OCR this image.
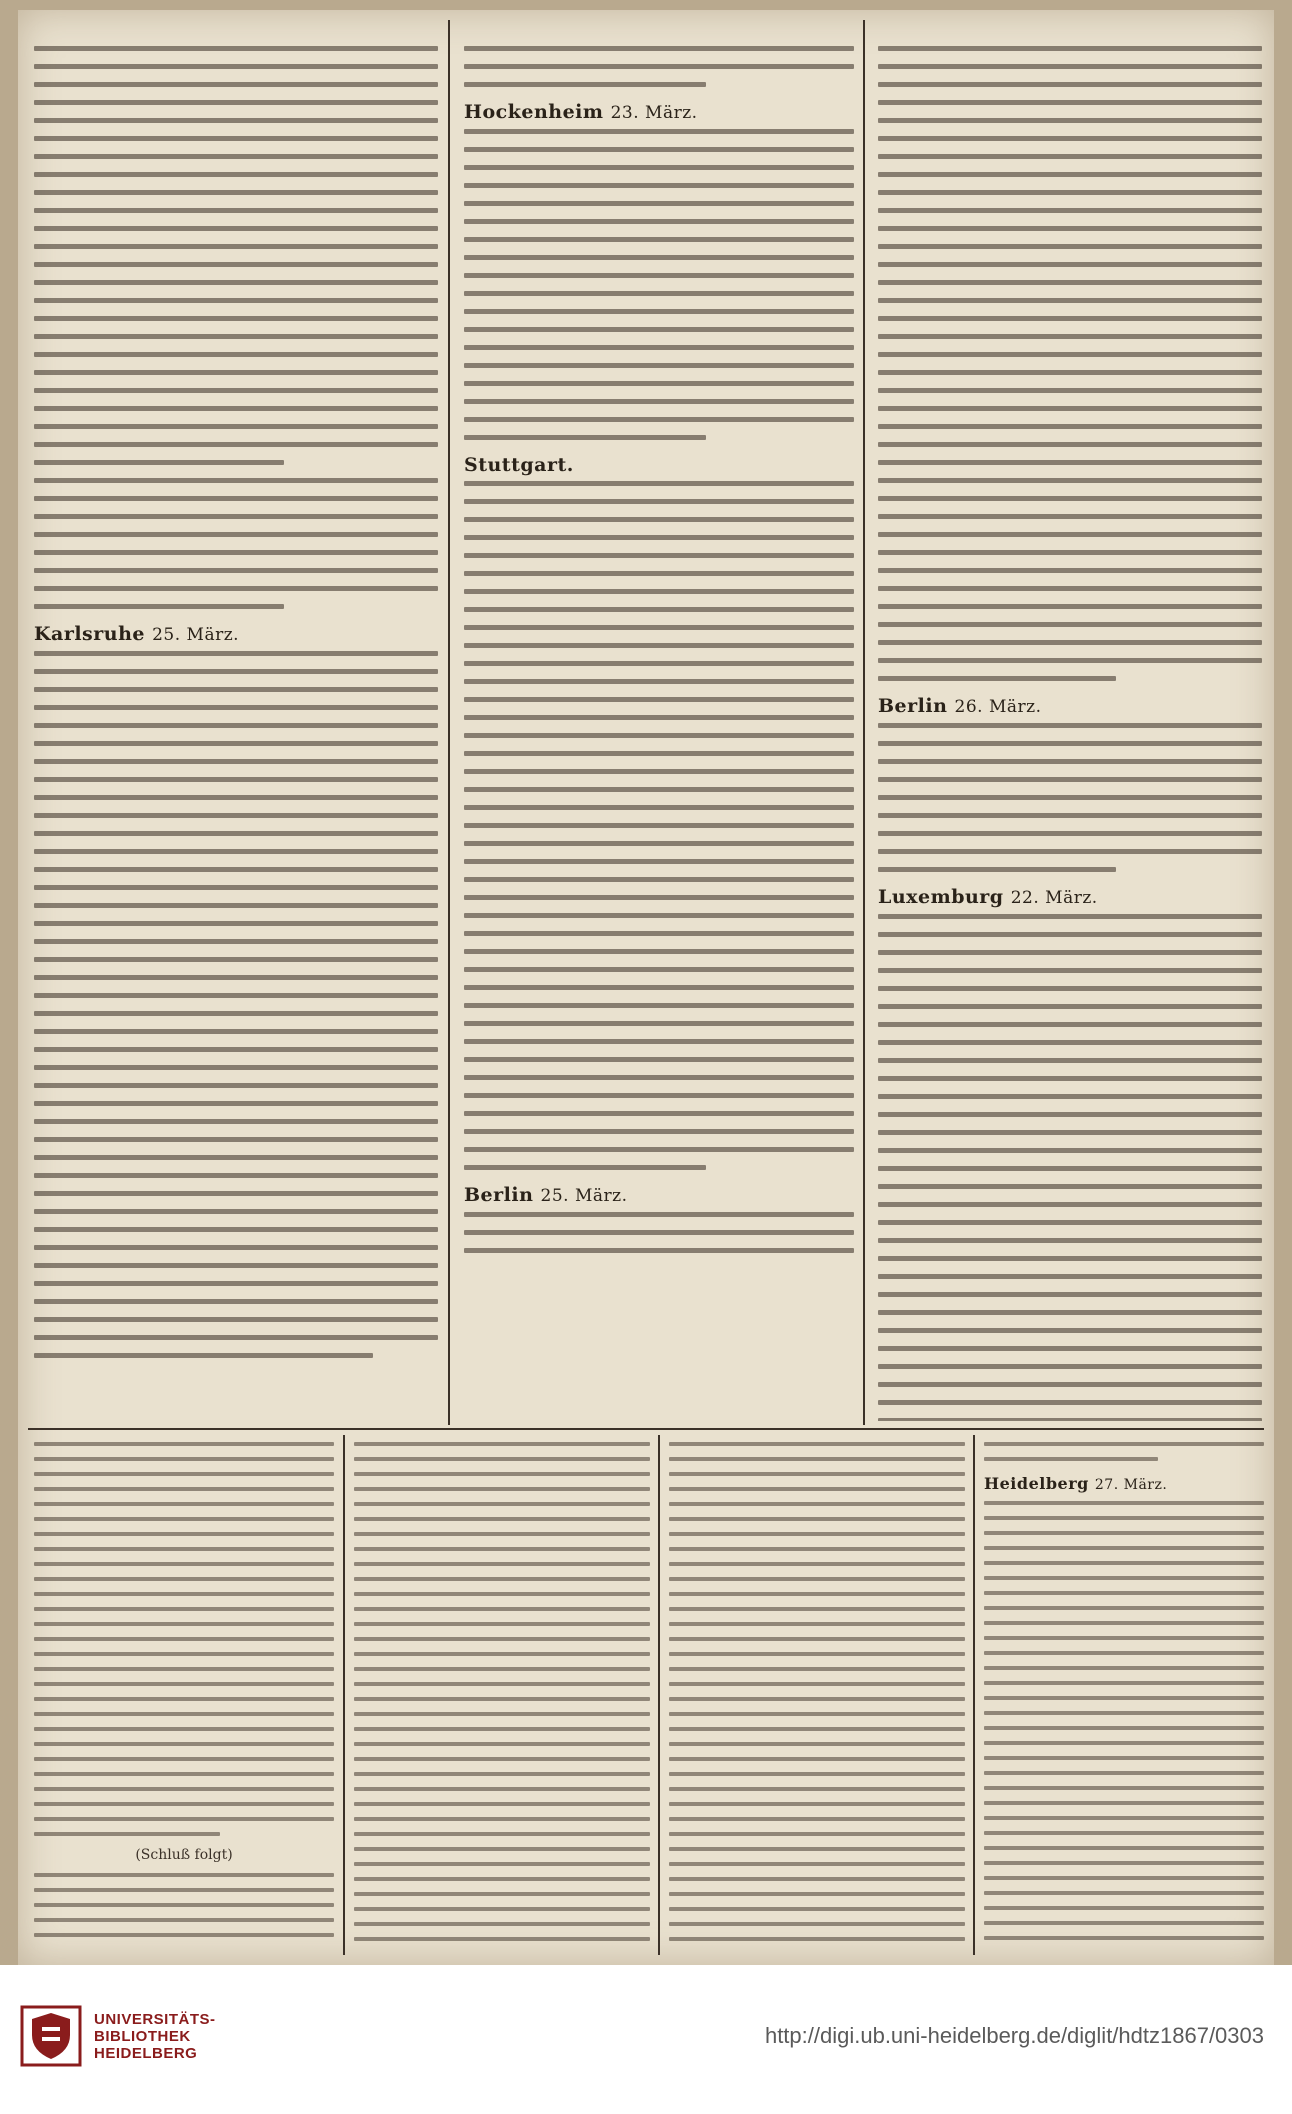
Karlsruhe 25. März.
Hockenheim 23. März.
Stuttgart.
Berlin 25. März.
Berlin 26. März.
Luxemburg 22. März.
(Schluß folgt)
Heidelberg 27. März.
UNIVERSITÄTS-
BIBLIOTHEK
HEIDELBERG
http://digi.ub.uni-heidelberg.de/diglit/hdtz1867/0303
